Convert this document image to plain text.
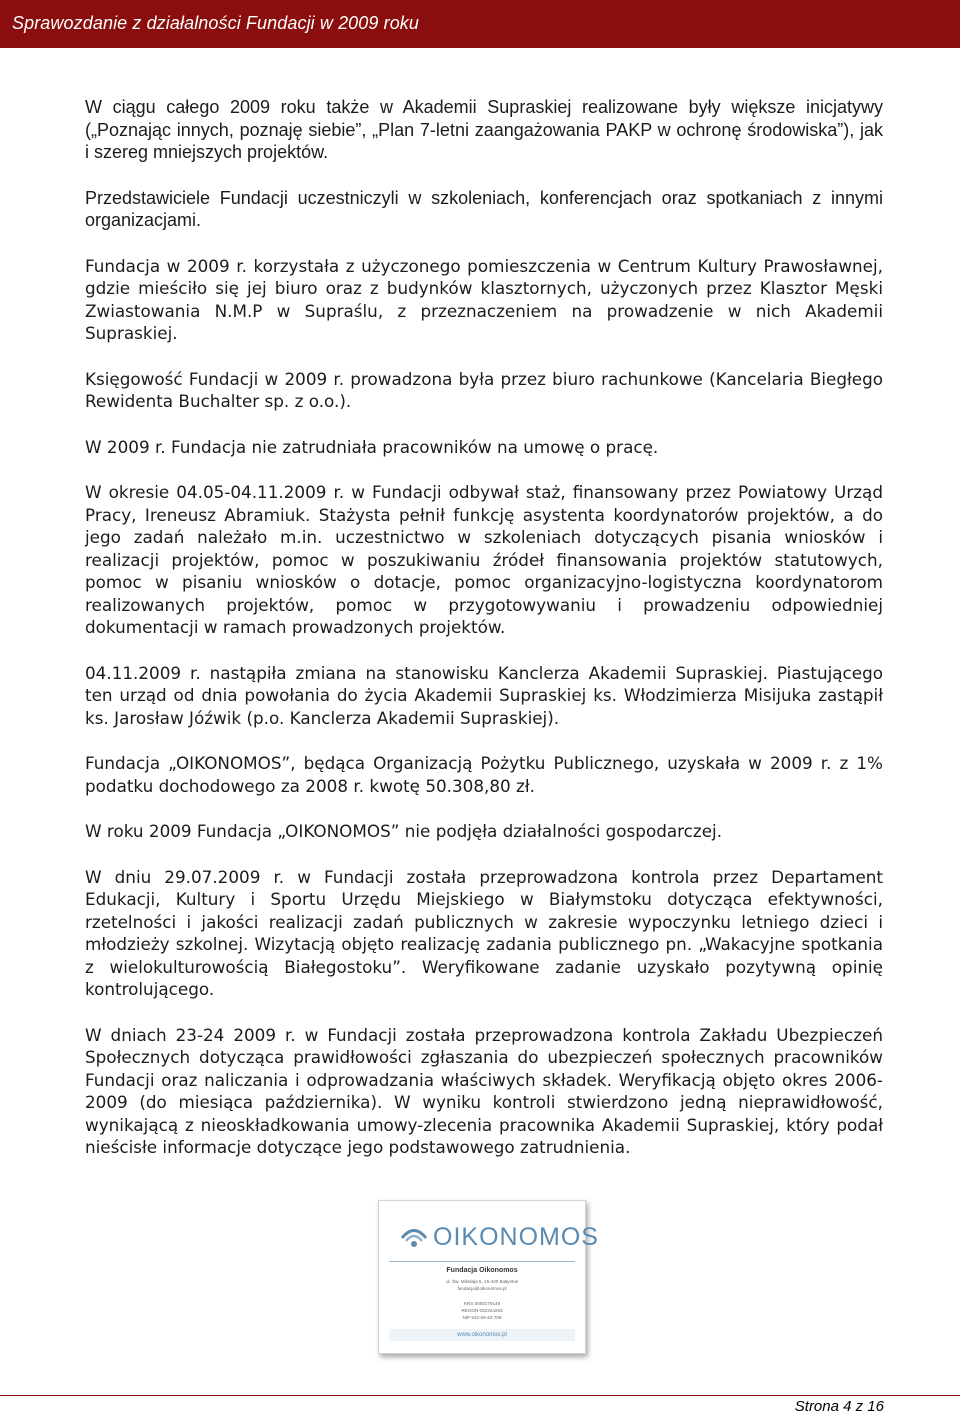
Sprawozdanie z działalności Fundacji w 2009 roku

W ciągu całego 2009 roku także w Akademii Supraskiej realizowane były większe inicjatywy („Poznając innych, poznaję siebie”, „Plan 7-letni zaangażowania PAKP w ochronę środowiska”), jak i szereg mniejszych projektów.

Przedstawiciele Fundacji uczestniczyli w szkoleniach, konferencjach oraz spotkaniach z innymi organizacjami.

Fundacja w 2009 r. korzystała z użyczonego pomieszczenia w Centrum Kultury Prawosławnej, gdzie mieściło się jej biuro oraz z budynków klasztornych, użyczonych przez Klasztor Męski Zwiastowania N.M.P w Supraślu, z przeznaczeniem na prowadzenie w nich Akademii Supraskiej.

Księgowość Fundacji w 2009 r. prowadzona była przez biuro rachunkowe (Kancelaria Biegłego Rewidenta Buchalter sp. z o.o.).

W 2009 r. Fundacja nie zatrudniała pracowników na umowę o pracę.

W okresie 04.05-04.11.2009 r. w Fundacji odbywał staż, finansowany przez Powiatowy Urząd Pracy, Ireneusz Abramiuk. Stażysta pełnił funkcję asystenta koordynatorów projektów, a do jego zadań należało m.in. uczestnictwo w szkoleniach dotyczących pisania wniosków i realizacji projektów, pomoc w poszukiwaniu źródeł finansowania projektów statutowych, pomoc w pisaniu wniosków o dotacje, pomoc organizacyjno-logistyczna koordynatorom realizowanych projektów, pomoc w przygotowywaniu i prowadzeniu odpowiedniej dokumentacji w ramach prowadzonych projektów.

04.11.2009 r. nastąpiła zmiana na stanowisku Kanclerza Akademii Supraskiej. Piastującego ten urząd od dnia powołania do życia Akademii Supraskiej ks. Włodzimierza Misijuka zastąpił ks. Jarosław Jóźwik (p.o. Kanclerza Akademii Supraskiej).

Fundacja „OIKONOMOS”, będąca Organizacją Pożytku Publicznego, uzyskała w 2009 r. z 1% podatku dochodowego za 2008 r. kwotę 50.308,80 zł.

W roku 2009 Fundacja „OIKONOMOS” nie podjęła działalności gospodarczej.

W dniu 29.07.2009 r. w Fundacji została przeprowadzona kontrola przez Departament Edukacji, Kultury i Sportu Urzędu Miejskiego w Białymstoku dotycząca efektywności, rzetelności i jakości realizacji zadań publicznych w zakresie wypoczynku letniego dzieci i młodzieży szkolnej. Wizytacją objęto realizację zadania publicznego pn. „Wakacyjne spotkania z wielokulturowością Białegostoku”. Weryfikowane zadanie uzyskało pozytywną opinię kontrolującego.

W dniach 23-24 2009 r. w Fundacji została przeprowadzona kontrola Zakładu Ubezpieczeń Społecznych dotycząca prawidłowości zgłaszania do ubezpieczeń społecznych pracowników Fundacji oraz naliczania i odprowadzania właściwych składek. Weryfikacją objęto okres 2006-2009 (do miesiąca października). W wyniku kontroli stwierdzono jedną nieprawidłowość, wynikającą z nieoskładkowania umowy-zlecenia pracownika Akademii Supraskiej, który podał nieścisłe informacje dotyczące jego podstawowego zatrudnienia.

OIKONOMOS
Fundacja Oikonomos
ul. Św. Mikołaja 5, 15-420 Białystok
fundacja@oikonomos.pl
KRS 0000179149
REGON 052224263
NIP 542-28-42-706
www.oikonomos.pl
Strona 4 z 16
